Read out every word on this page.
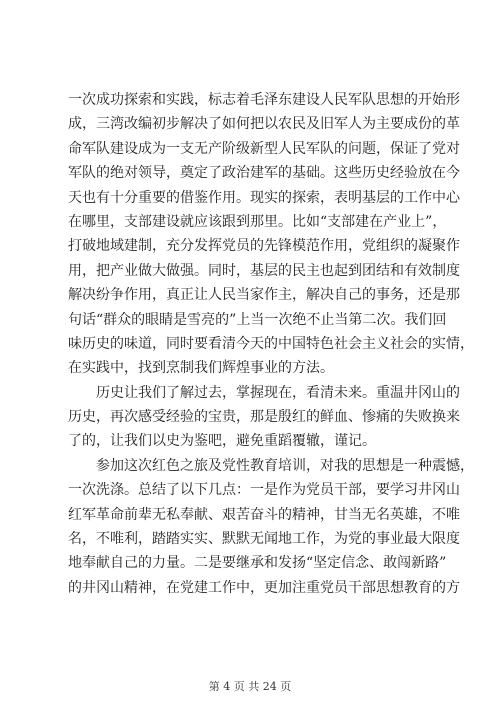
一次成功探索和实践，标志着毛泽东建设人民军队思想的开始形
成，三湾改编初步解决了如何把以农民及旧军人为主要成份的革
命军队建设成为一支无产阶级新型人民军队的问题，保证了党对
军队的绝对领导，奠定了政治建军的基础。这些历史经验放在今
天也有十分重要的借鉴作用。现实的探索，表明基层的工作中心
在哪里，支部建设就应该跟到那里。比如“支部建在产业上”，
打破地域建制，充分发挥党员的先锋模范作用，党组织的凝聚作
用，把产业做大做强。同时，基层的民主也起到团结和有效制度
解决纷争作用，真正让人民当家作主，解决自己的事务，还是那
句话“群众的眼睛是雪亮的”上当一次绝不止当第二次。我们回
味历史的味道，同时要看清今天的中国特色社会主义社会的实情，
在实践中，找到烹制我们辉煌事业的方法。
历史让我们了解过去，掌握现在，看清未来。重温井冈山的
历史，再次感受经验的宝贵，那是殷红的鲜血、惨痛的失败换来
了的，让我们以史为鉴吧，避免重蹈覆辙，谨记。
参加这次红色之旅及党性教育培训，对我的思想是一种震憾，
一次洗涤。总结了以下几点：一是作为党员干部，要学习井冈山
红军革命前辈无私奉献、艰苦奋斗的精神，甘当无名英雄，不唯
名，不唯利，踏踏实实、默默无闻地工作，为党的事业最大限度
地奉献自己的力量。二是要继承和发扬“坚定信念、敢闯新路”
的井冈山精神，在党建工作中，更加注重党员干部思想教育的方
第 4 页 共 24 页
